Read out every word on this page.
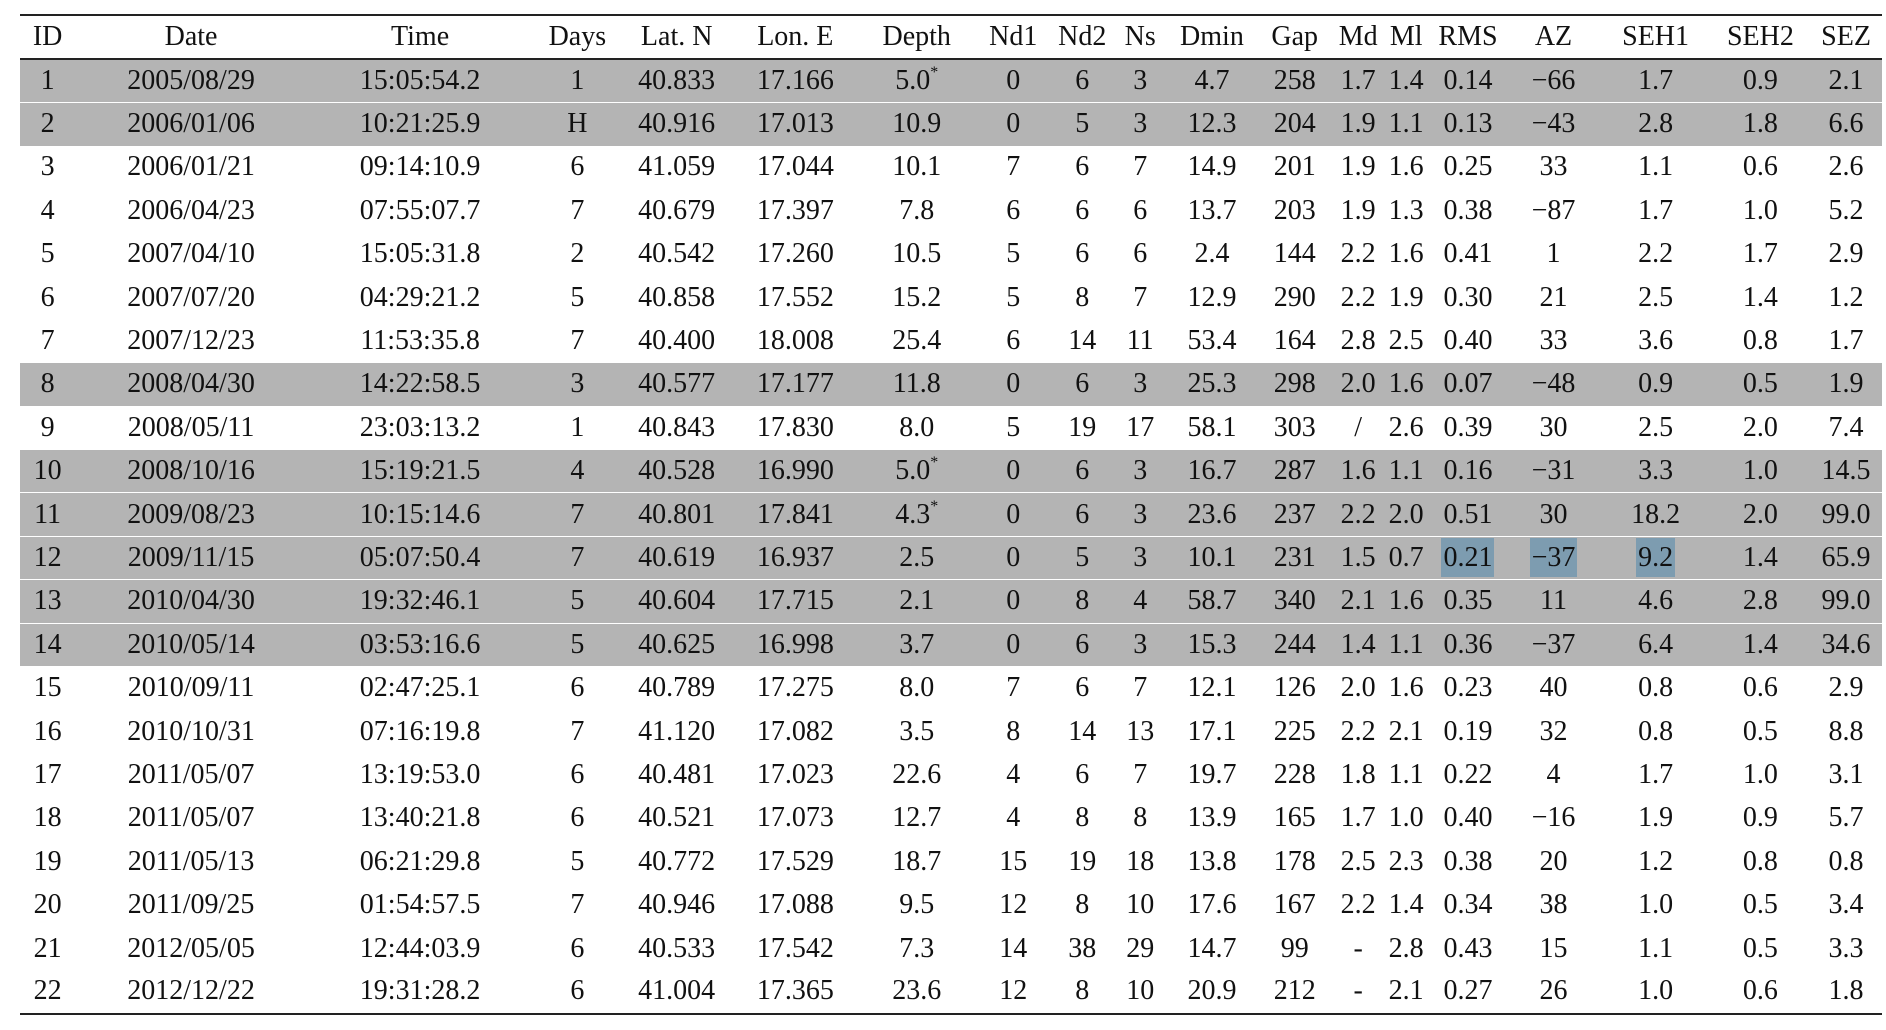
ID	Date	Time	Days	Lat. N	Lon. E	Depth	Nd1	Nd2	Ns	Dmin	Gap	Md	Ml	RMS	AZ	SEH1	SEH2	SEZ
1	2005/08/29	15:05:54.2	1	40.833	17.166	5.0*	0	6	3	4.7	258	1.7	1.4	0.14	−66	1.7	0.9	2.1
2	2006/01/06	10:21:25.9	H	40.916	17.013	10.9	0	5	3	12.3	204	1.9	1.1	0.13	−43	2.8	1.8	6.6
3	2006/01/21	09:14:10.9	6	41.059	17.044	10.1	7	6	7	14.9	201	1.9	1.6	0.25	33	1.1	0.6	2.6
4	2006/04/23	07:55:07.7	7	40.679	17.397	7.8	6	6	6	13.7	203	1.9	1.3	0.38	−87	1.7	1.0	5.2
5	2007/04/10	15:05:31.8	2	40.542	17.260	10.5	5	6	6	2.4	144	2.2	1.6	0.41	1	2.2	1.7	2.9
6	2007/07/20	04:29:21.2	5	40.858	17.552	15.2	5	8	7	12.9	290	2.2	1.9	0.30	21	2.5	1.4	1.2
7	2007/12/23	11:53:35.8	7	40.400	18.008	25.4	6	14	11	53.4	164	2.8	2.5	0.40	33	3.6	0.8	1.7
8	2008/04/30	14:22:58.5	3	40.577	17.177	11.8	0	6	3	25.3	298	2.0	1.6	0.07	−48	0.9	0.5	1.9
9	2008/05/11	23:03:13.2	1	40.843	17.830	8.0	5	19	17	58.1	303	/	2.6	0.39	30	2.5	2.0	7.4
10	2008/10/16	15:19:21.5	4	40.528	16.990	5.0*	0	6	3	16.7	287	1.6	1.1	0.16	−31	3.3	1.0	14.5
11	2009/08/23	10:15:14.6	7	40.801	17.841	4.3*	0	6	3	23.6	237	2.2	2.0	0.51	30	18.2	2.0	99.0
12	2009/11/15	05:07:50.4	7	40.619	16.937	2.5	0	5	3	10.1	231	1.5	0.7	0.21	−37	9.2	1.4	65.9
13	2010/04/30	19:32:46.1	5	40.604	17.715	2.1	0	8	4	58.7	340	2.1	1.6	0.35	11	4.6	2.8	99.0
14	2010/05/14	03:53:16.6	5	40.625	16.998	3.7	0	6	3	15.3	244	1.4	1.1	0.36	−37	6.4	1.4	34.6
15	2010/09/11	02:47:25.1	6	40.789	17.275	8.0	7	6	7	12.1	126	2.0	1.6	0.23	40	0.8	0.6	2.9
16	2010/10/31	07:16:19.8	7	41.120	17.082	3.5	8	14	13	17.1	225	2.2	2.1	0.19	32	0.8	0.5	8.8
17	2011/05/07	13:19:53.0	6	40.481	17.023	22.6	4	6	7	19.7	228	1.8	1.1	0.22	4	1.7	1.0	3.1
18	2011/05/07	13:40:21.8	6	40.521	17.073	12.7	4	8	8	13.9	165	1.7	1.0	0.40	−16	1.9	0.9	5.7
19	2011/05/13	06:21:29.8	5	40.772	17.529	18.7	15	19	18	13.8	178	2.5	2.3	0.38	20	1.2	0.8	0.8
20	2011/09/25	01:54:57.5	7	40.946	17.088	9.5	12	8	10	17.6	167	2.2	1.4	0.34	38	1.0	0.5	3.4
21	2012/05/05	12:44:03.9	6	40.533	17.542	7.3	14	38	29	14.7	99	-	2.8	0.43	15	1.1	0.5	3.3
22	2012/12/22	19:31:28.2	6	41.004	17.365	23.6	12	8	10	20.9	212	-	2.1	0.27	26	1.0	0.6	1.8
